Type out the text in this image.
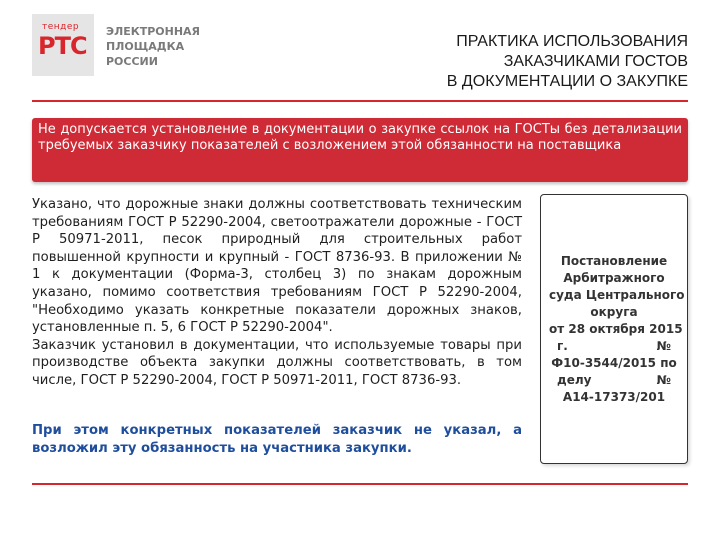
тендер
РТС
ЭЛЕКТРОННАЯ
ПЛОЩАДКА
РОССИИ
ПРАКТИКА ИСПОЛЬЗОВАНИЯ
ЗАКАЗЧИКАМИ ГОСТОВ
В ДОКУМЕНТАЦИИ О ЗАКУПКЕ
Не допускается установление в документации о закупке ссылок на ГОСТы без детализации требуемых заказчику показателей с возложением этой обязанности на поставщика

Указано, что дорожные знаки должны соответствовать техническим требованиям ГОСТ Р 52290-2004, светоотражатели дорожные - ГОСТ Р 50971-2011, песок природный для строительных работ повышенной крупности и крупный - ГОСТ 8736-93. В приложении № 1 к документации (Форма-3, столбец 3) по знакам дорожным указано, помимо соответствия требованиям ГОСТ Р 52290-2004, "Необходимо указать конкретные показатели дорожных знаков, установленные п. 5, 6 ГОСТ Р 52290-2004".

Заказчик установил в документации, что используемые товары при производстве объекта закупки должны соответствовать, в том числе, ГОСТ Р 52290-2004, ГОСТ Р 50971-2011, ГОСТ 8736-93.

При этом конкретных показателей заказчик не указал, а возложил эту обязанность на участника закупки.
Постановление
Арбитражного
суда Центрального
округа
от 28 октября 2015
г.	№
Ф10-3544/2015 по
делу	№
А14-17373/201
